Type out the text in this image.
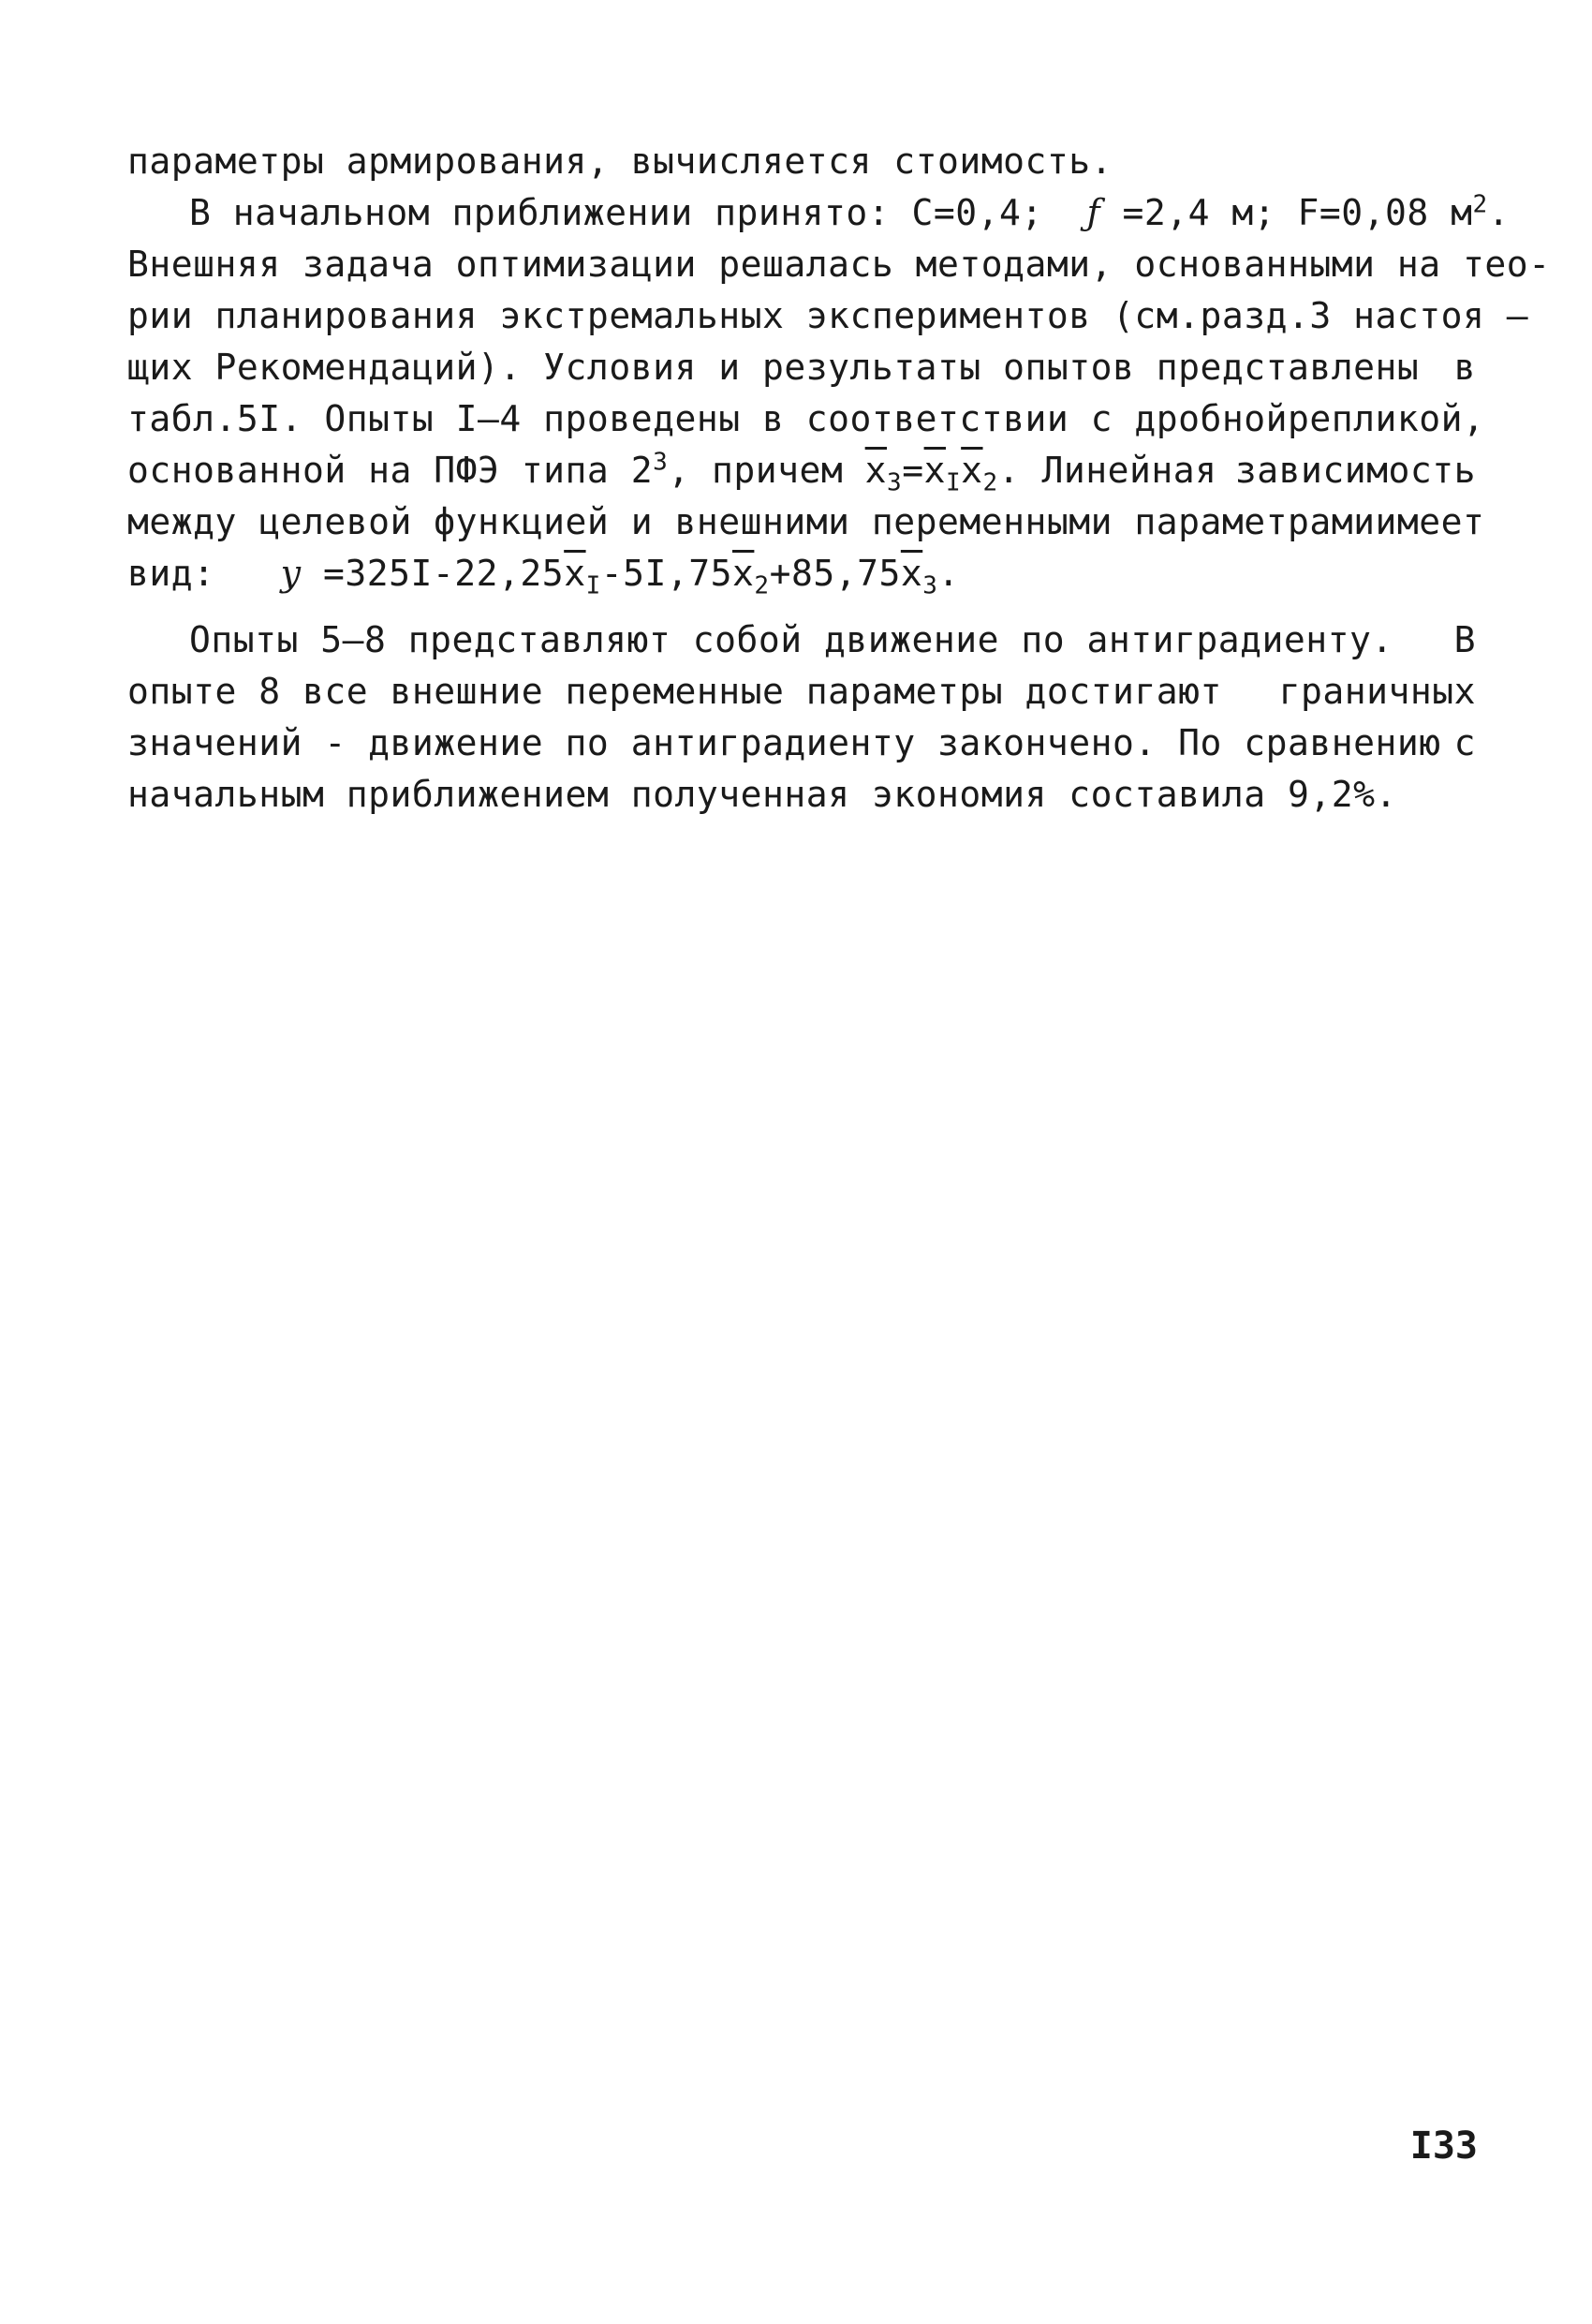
параметры армирования, вычисляется стоимость.
В начальном приближении принято: С=0,4; ƒ =2,4 м; F=0,08 $м^2$.
Внешняя задача оптимизации решалась методами, основанными на тео-
рии планирования экстремальных экспериментов (см.разд.3 настоя —
щих Рекомендаций). Условия и результаты опытов представлены в
табл.5I. Опыты I–4 проведены в соответствии с дробной репликой,
основанной на ПФЭ типа $2^3$, причем $\overline{x}_3=\overline{x}_I\overline{x}_2$. Линейная зависимость
между целевой функцией и внешними переменными параметрами имеет
вид: $y =325I-22,25\overline{x}_I-5I,75\overline{x}_2+85,75\overline{x}_3$.
Опыты 5–8 представляют собой движение по антиградиенту. В
опыте 8 все внешние переменные параметры достигают граничных
значений - движение по антиградиенту закончено. По сравнению с
начальным приближением полученная экономия составила 9,2%.
I33
